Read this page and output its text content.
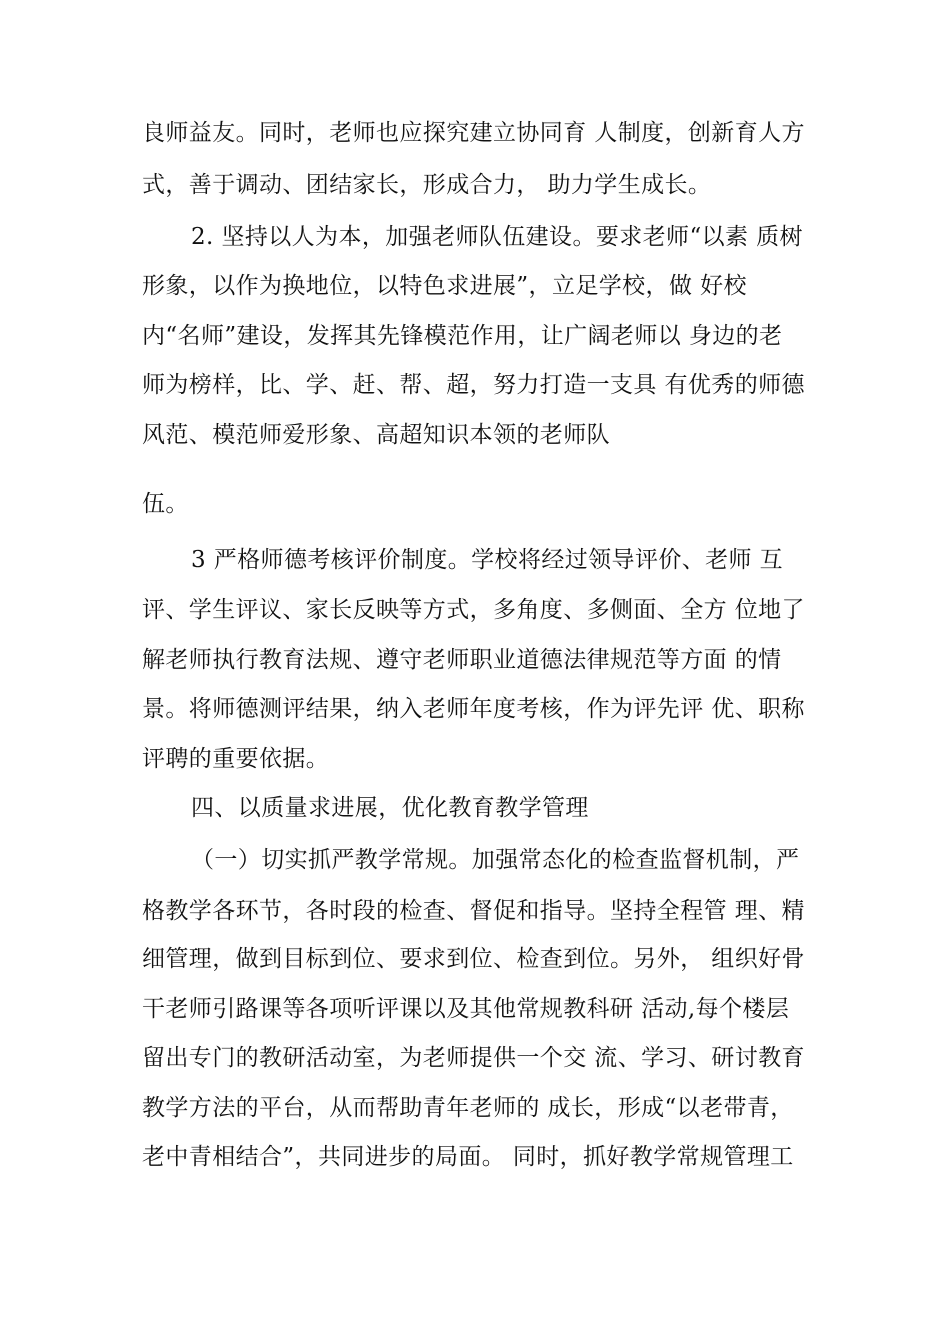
良师益友。同时，老师也应探究建立协同育 人制度，创新育人方
式，善于调动、团结家长，形成合力， 助力学生成长。
2. 坚持以人为本，加强老师队伍建设。要求老师“以素 质树
形象，以作为换地位，以特色求进展”，立足学校，做 好校
内“名师”建设，发挥其先锋模范作用，让广阔老师以 身边的老
师为榜样，比、学、赶、帮、超，努力打造一支具 有优秀的师德
风范、模范师爱形象、高超知识本领的老师队
伍。
3 严格师德考核评价制度。学校将经过领导评价、老师 互
评、学生评议、家长反映等方式，多角度、多侧面、全方 位地了
解老师执行教育法规、遵守老师职业道德法律规范等方面 的情
景。将师德测评结果，纳入老师年度考核，作为评先评 优、职称
评聘的重要依据。
四、以质量求进展，优化教育教学管理
（一）切实抓严教学常规。加强常态化的检查监督机制，严
格教学各环节，各时段的检查、督促和指导。坚持全程管 理、精
细管理，做到目标到位、要求到位、检查到位。另外， 组织好骨
干老师引路课等各项听评课以及其他常规教科研 活动,每个楼层
留出专门的教研活动室，为老师提供一个交 流、学习、研讨教育
教学方法的平台，从而帮助青年老师的 成长，形成“以老带青，
老中青相结合”，共同进步的局面。 同时，抓好教学常规管理工
